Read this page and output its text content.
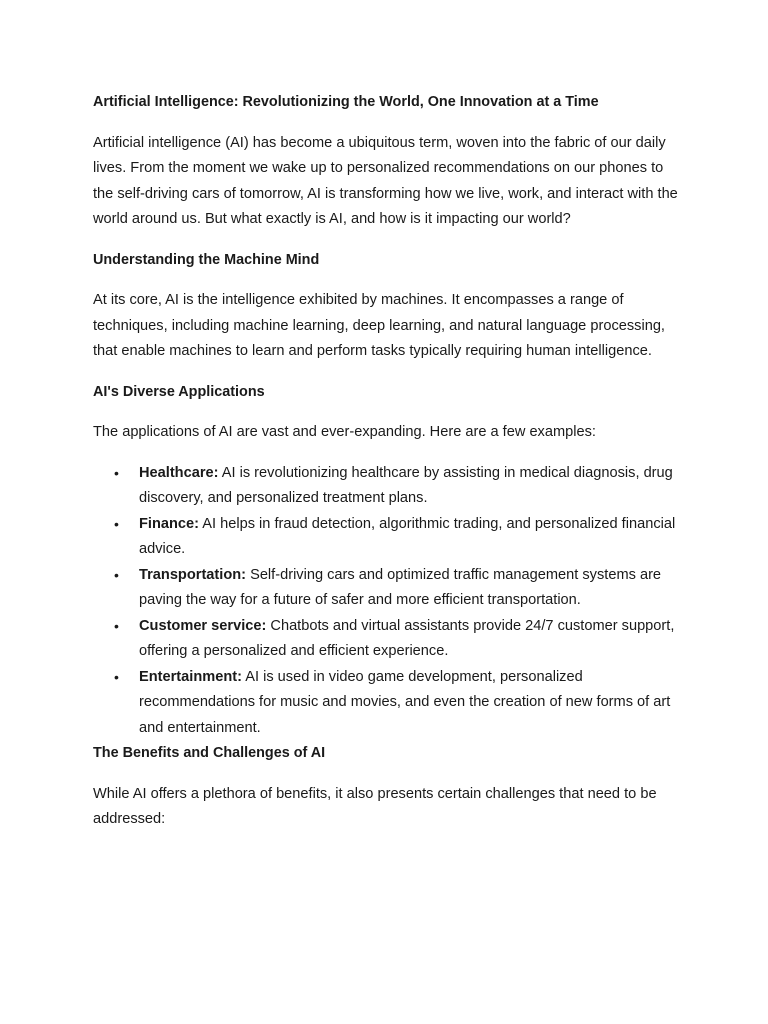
Artificial Intelligence: Revolutionizing the World, One Innovation at a Time

Artificial intelligence (AI) has become a ubiquitous term, woven into the fabric of our daily lives. From the moment we wake up to personalized recommendations on our phones to the self-driving cars of tomorrow, AI is transforming how we live, work, and interact with the world around us. But what exactly is AI, and how is it impacting our world?

Understanding the Machine Mind

At its core, AI is the intelligence exhibited by machines. It encompasses a range of techniques, including machine learning, deep learning, and natural language processing, that enable machines to learn and perform tasks typically requiring human intelligence.

AI's Diverse Applications

The applications of AI are vast and ever-expanding. Here are a few examples:

• Healthcare: AI is revolutionizing healthcare by assisting in medical diagnosis, drug discovery, and personalized treatment plans.
• Finance: AI helps in fraud detection, algorithmic trading, and personalized financial advice.
• Transportation: Self-driving cars and optimized traffic management systems are paving the way for a future of safer and more efficient transportation.
• Customer service: Chatbots and virtual assistants provide 24/7 customer support, offering a personalized and efficient experience.
• Entertainment: AI is used in video game development, personalized recommendations for music and movies, and even the creation of new forms of art and entertainment.

The Benefits and Challenges of AI

While AI offers a plethora of benefits, it also presents certain challenges that need to be addressed:
